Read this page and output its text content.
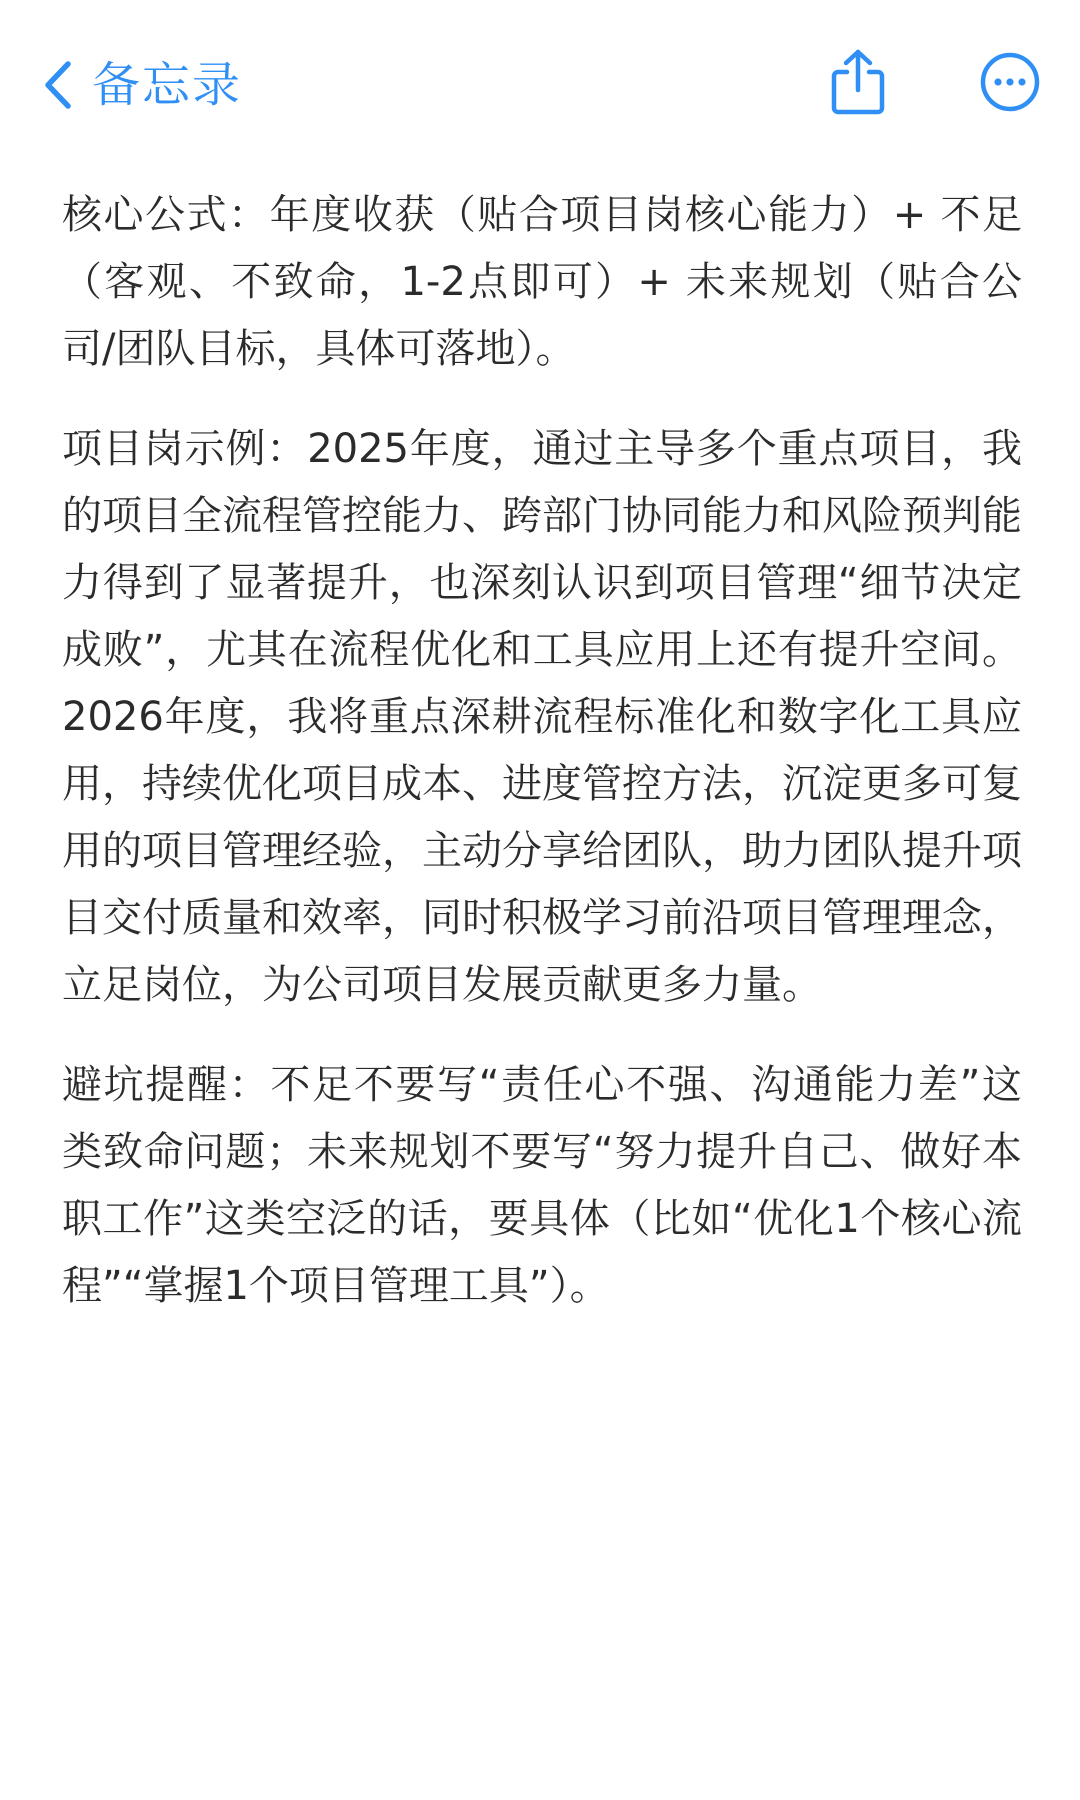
备忘录

核心公式：年度收获（贴合项目岗核心能力）+ 不足（客观、不致命，1-2点即可）+ 未来规划（贴合公司/团队目标，具体可落地）。

项目岗示例：2025年度，通过主导多个重点项目，我的项目全流程管控能力、跨部门协同能力和风险预判能力得到了显著提升，也深刻认识到项目管理“细节决定成败”，尤其在流程优化和工具应用上还有提升空间。2026年度，我将重点深耕流程标准化和数字化工具应用，持续优化项目成本、进度管控方法，沉淀更多可复用的项目管理经验，主动分享给团队，助力团队提升项目交付质量和效率，同时积极学习前沿项目管理理念，立足岗位，为公司项目发展贡献更多力量。

避坑提醒：不足不要写“责任心不强、沟通能力差”这类致命问题；未来规划不要写“努力提升自己、做好本职工作”这类空泛的话，要具体（比如“优化1个核心流程”“掌握1个项目管理工具”）。
